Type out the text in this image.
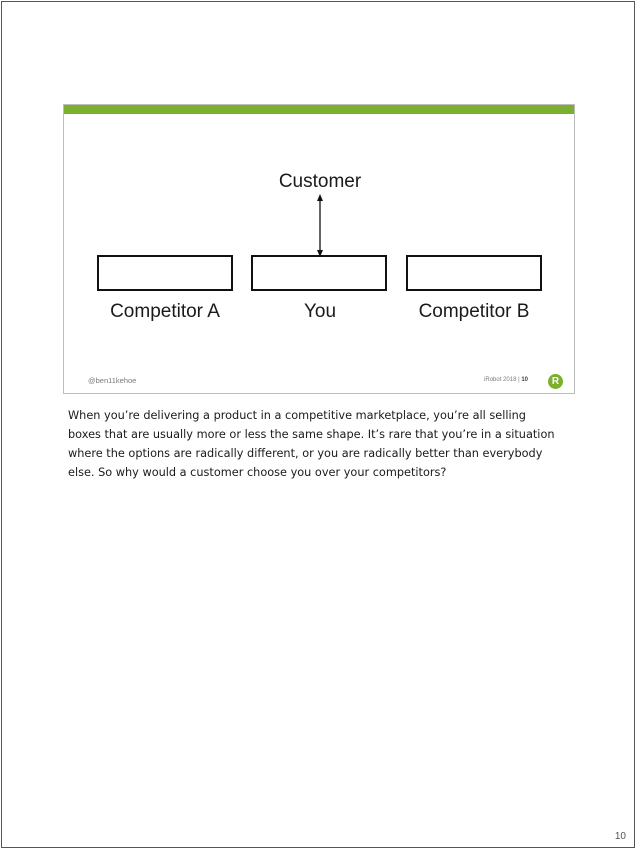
Customer
Competitor A	You	Competitor B
@ben11kehoe	iRobot 2018 | 10	R
When you’re delivering a product in a competitive marketplace, you’re all selling
boxes that are usually more or less the same shape. It’s rare that you’re in a situation
where the options are radically different, or you are radically better than everybody
else. So why would a customer choose you over your competitors?
10
